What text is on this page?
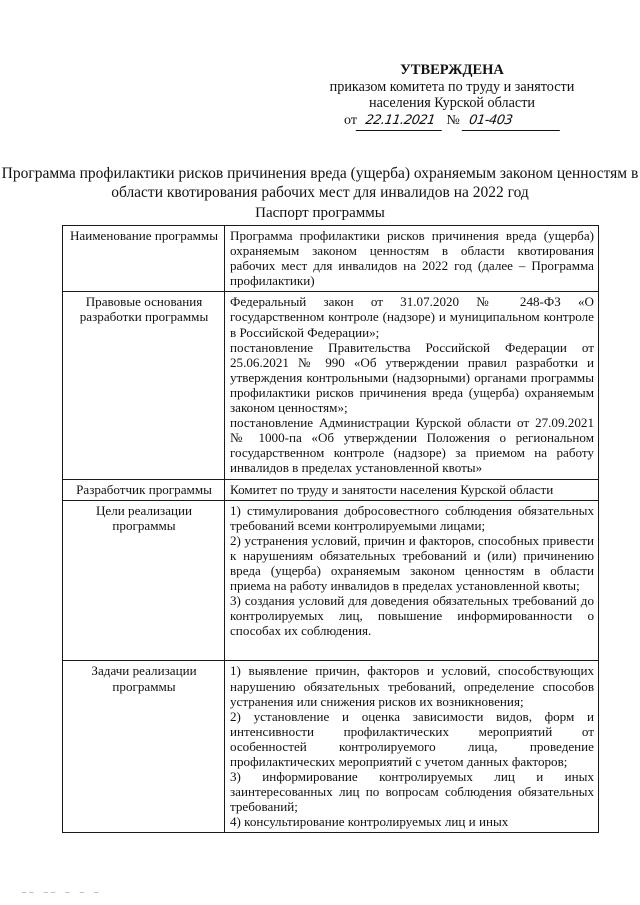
УТВЕРЖДЕНА
приказом комитета по труду и занятости
населения Курской области
от 22.11.2021 № 01-403
Программа профилактики рисков причинения вреда (ущерба) охраняемым законом ценностям в области квотирования рабочих мест для инвалидов на 2022 год
Паспорт программы
Наименование программы	Программа профилактики рисков причинения вреда (ущерба) охраняемым законом ценностям в области квотирования рабочих мест для инвалидов на 2022 год (далее – Программа профилактики)

Правовые основания разработки программы	Федеральный закон от 31.07.2020 № 248-ФЗ «О государственном контроле (надзоре) и муниципальном контроле в Российской Федерации»;

постановление Правительства Российской Федерации от 25.06.2021 № 990 «Об утверждении правил разработки и утверждения контрольными (надзорными) органами программы профилактики рисков причинения вреда (ущерба) охраняемым законом ценностям»;

постановление Администрации Курской области от 27.09.2021 № 1000-па «Об утверждении Положения о региональном государственном контроле (надзоре) за приемом на работу инвалидов в пределах установленной квоты»

Разработчик программы	Комитет по труду и занятости населения Курской области

Цели реализации программы	1) стимулирования добросовестного соблюдения обязательных требований всеми контролируемыми лицами;

2) устранения условий, причин и факторов, способных привести к нарушениям обязательных требований и (или) причинению вреда (ущерба) охраняемым законом ценностям в области приема на работу инвалидов в пределах установленной квоты;

3) создания условий для доведения обязательных требований до контролируемых лиц, повышение информированности о способах их соблюдения.

Задачи реализации программы	1) выявление причин, факторов и условий, способствующих нарушению обязательных требований, определение способов устранения или снижения рисков их возникновения;

2) установление и оценка зависимости видов, форм и интенсивности профилактических мероприятий от особенностей контролируемого лица, проведение профилактических мероприятий с учетом данных факторов;

3) информирование контролируемых лиц и иных заинтересованных лиц по вопросам соблюдения обязательных требований;

4) консультирование контролируемых лиц и иных

▔▔ ▔▔ ▔ ▔ ▔
